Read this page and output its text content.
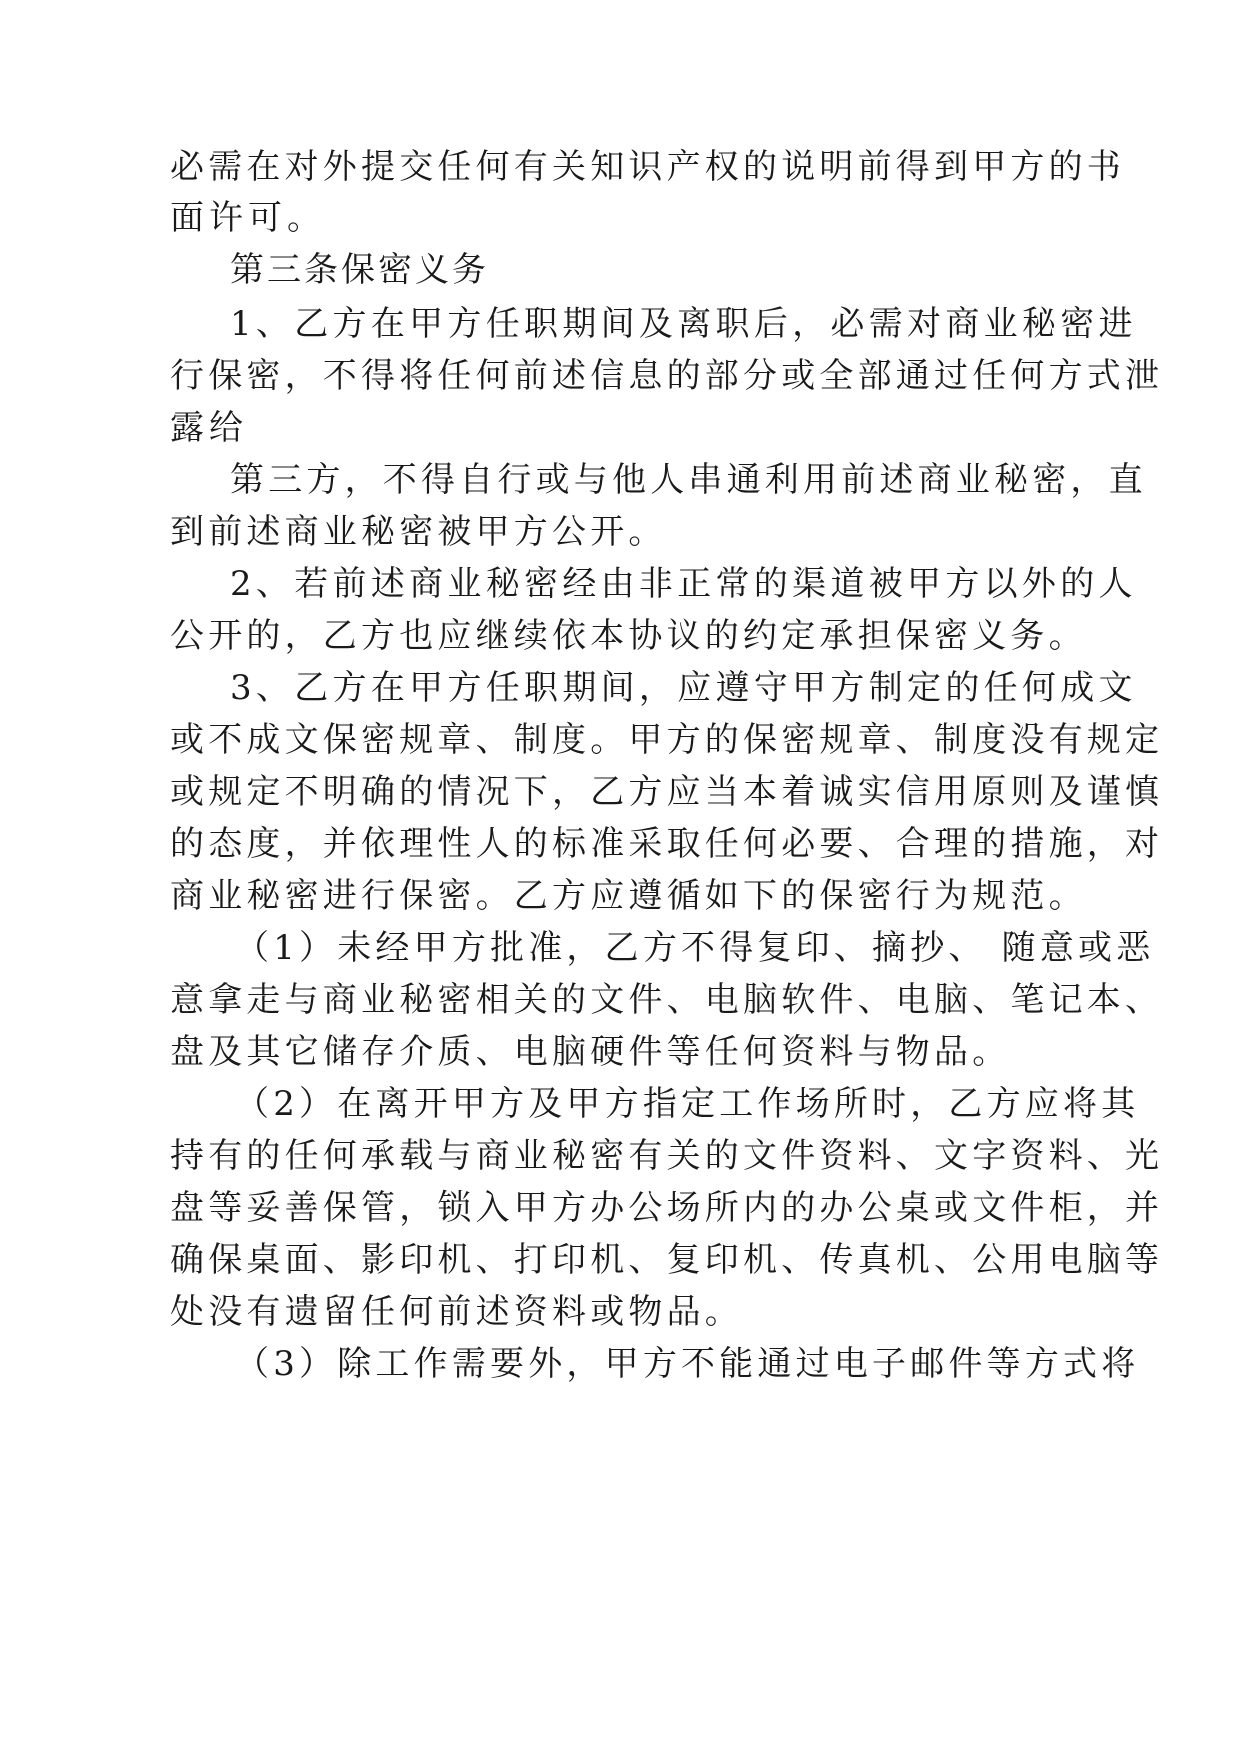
必需在对外提交任何有关知识产权的说明前得到甲方的书
面许可。
第三条保密义务
1、乙方在甲方任职期间及离职后，必需对商业秘密进
行保密，不得将任何前述信息的部分或全部通过任何方式泄
露给
第三方，不得自行或与他人串通利用前述商业秘密，直
到前述商业秘密被甲方公开。
2、若前述商业秘密经由非正常的渠道被甲方以外的人
公开的，乙方也应继续依本协议的约定承担保密义务。
3、乙方在甲方任职期间，应遵守甲方制定的任何成文
或不成文保密规章、制度。甲方的保密规章、制度没有规定
或规定不明确的情况下，乙方应当本着诚实信用原则及谨慎
的态度，并依理性人的标准采取任何必要、合理的措施，对
商业秘密进行保密。乙方应遵循如下的保密行为规范。
（1）未经甲方批准，乙方不得复印、摘抄、 随意或恶
意拿走与商业秘密相关的文件、电脑软件、电脑、笔记本、
盘及其它储存介质、电脑硬件等任何资料与物品。
（2）在离开甲方及甲方指定工作场所时，乙方应将其
持有的任何承载与商业秘密有关的文件资料、文字资料、光
盘等妥善保管，锁入甲方办公场所内的办公桌或文件柜，并
确保桌面、影印机、打印机、复印机、传真机、公用电脑等
处没有遗留任何前述资料或物品。
（3）除工作需要外，甲方不能通过电子邮件等方式将
